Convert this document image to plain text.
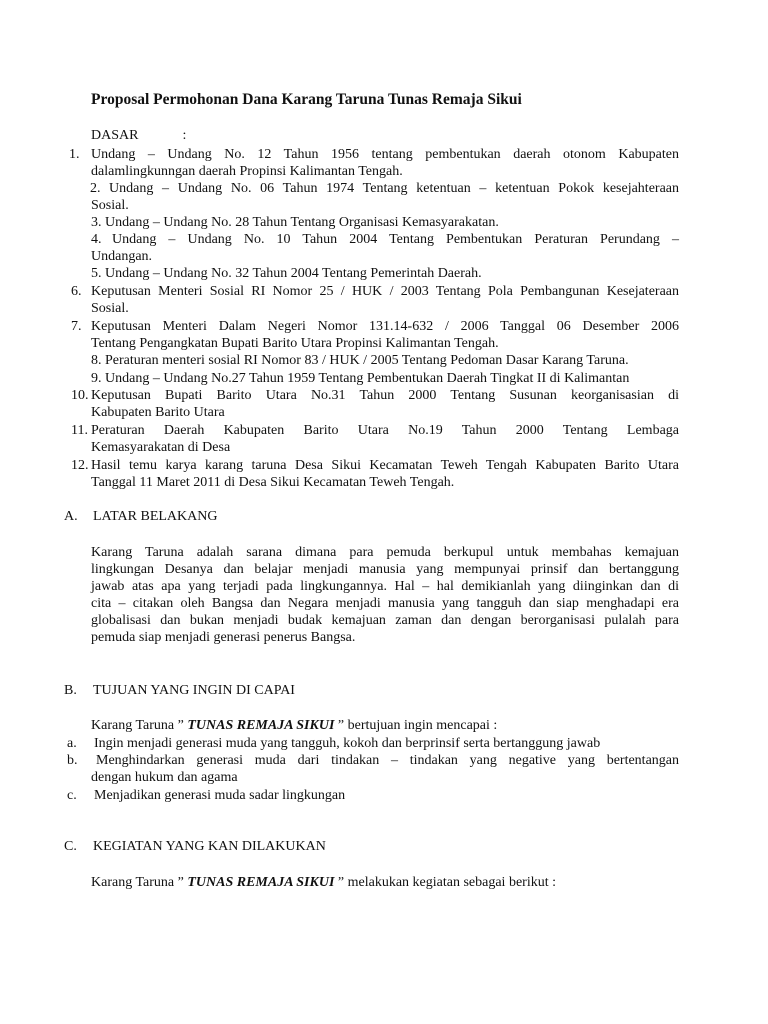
Proposal Permohonan Dana Karang Taruna Tunas Remaja Sikui
DASAR	:
1. Undang – Undang No. 12 Tahun 1956 tentang pembentukan daerah otonom Kabupaten
dalamlingkunngan daerah Propinsi Kalimantan Tengah.
2. Undang – Undang No. 06 Tahun 1974 Tentang ketentuan – ketentuan Pokok kesejahteraan
Sosial.
3. Undang – Undang No. 28 Tahun Tentang Organisasi Kemasyarakatan.
4. Undang – Undang No. 10 Tahun 2004 Tentang Pembentukan Peraturan Perundang –
Undangan.
5. Undang – Undang No. 32 Tahun 2004 Tentang Pemerintah Daerah.
6. Keputusan Menteri Sosial RI Nomor 25 / HUK / 2003 Tentang Pola Pembangunan Kesejateraan
Sosial.
7. Keputusan Menteri Dalam Negeri Nomor 131.14-632 / 2006 Tanggal 06 Desember 2006
Tentang Pengangkatan Bupati Barito Utara Propinsi Kalimantan Tengah.
8. Peraturan menteri sosial RI Nomor 83 / HUK / 2005 Tentang Pedoman Dasar Karang Taruna.
9. Undang – Undang No.27 Tahun 1959 Tentang Pembentukan Daerah Tingkat II di Kalimantan
10. Keputusan Bupati Barito Utara No.31 Tahun 2000 Tentang Susunan keorganisasian di
Kabupaten Barito Utara
11. Peraturan Daerah Kabupaten Barito Utara No.19 Tahun 2000 Tentang Lembaga
Kemasyarakatan di Desa
12. Hasil temu karya karang taruna Desa Sikui Kecamatan Teweh Tengah Kabupaten Barito Utara
Tanggal 11 Maret 2011 di Desa Sikui Kecamatan Teweh Tengah.
A. LATAR BELAKANG
Karang Taruna adalah sarana dimana para pemuda berkupul untuk membahas kemajuan
lingkungan Desanya dan belajar menjadi manusia yang mempunyai prinsif dan bertanggung
jawab atas apa yang terjadi pada lingkungannya. Hal – hal demikianlah yang diinginkan dan di
cita – citakan oleh Bangsa dan Negara menjadi manusia yang tangguh dan siap menghadapi era
globalisasi dan bukan menjadi budak kemajuan zaman dan dengan berorganisasi pulalah para
pemuda siap menjadi generasi penerus Bangsa.
B. TUJUAN YANG INGIN DI CAPAI
Karang Taruna ” TUNAS REMAJA SIKUI ” bertujuan ingin mencapai :
a. Ingin menjadi generasi muda yang tangguh, kokoh dan berprinsif serta bertanggung jawab
b. Menghindarkan generasi muda dari tindakan – tindakan yang negative yang bertentangan
dengan hukum dan agama
c. Menjadikan generasi muda sadar lingkungan
C. KEGIATAN YANG KAN DILAKUKAN
Karang Taruna ” TUNAS REMAJA SIKUI ” melakukan kegiatan sebagai berikut :
